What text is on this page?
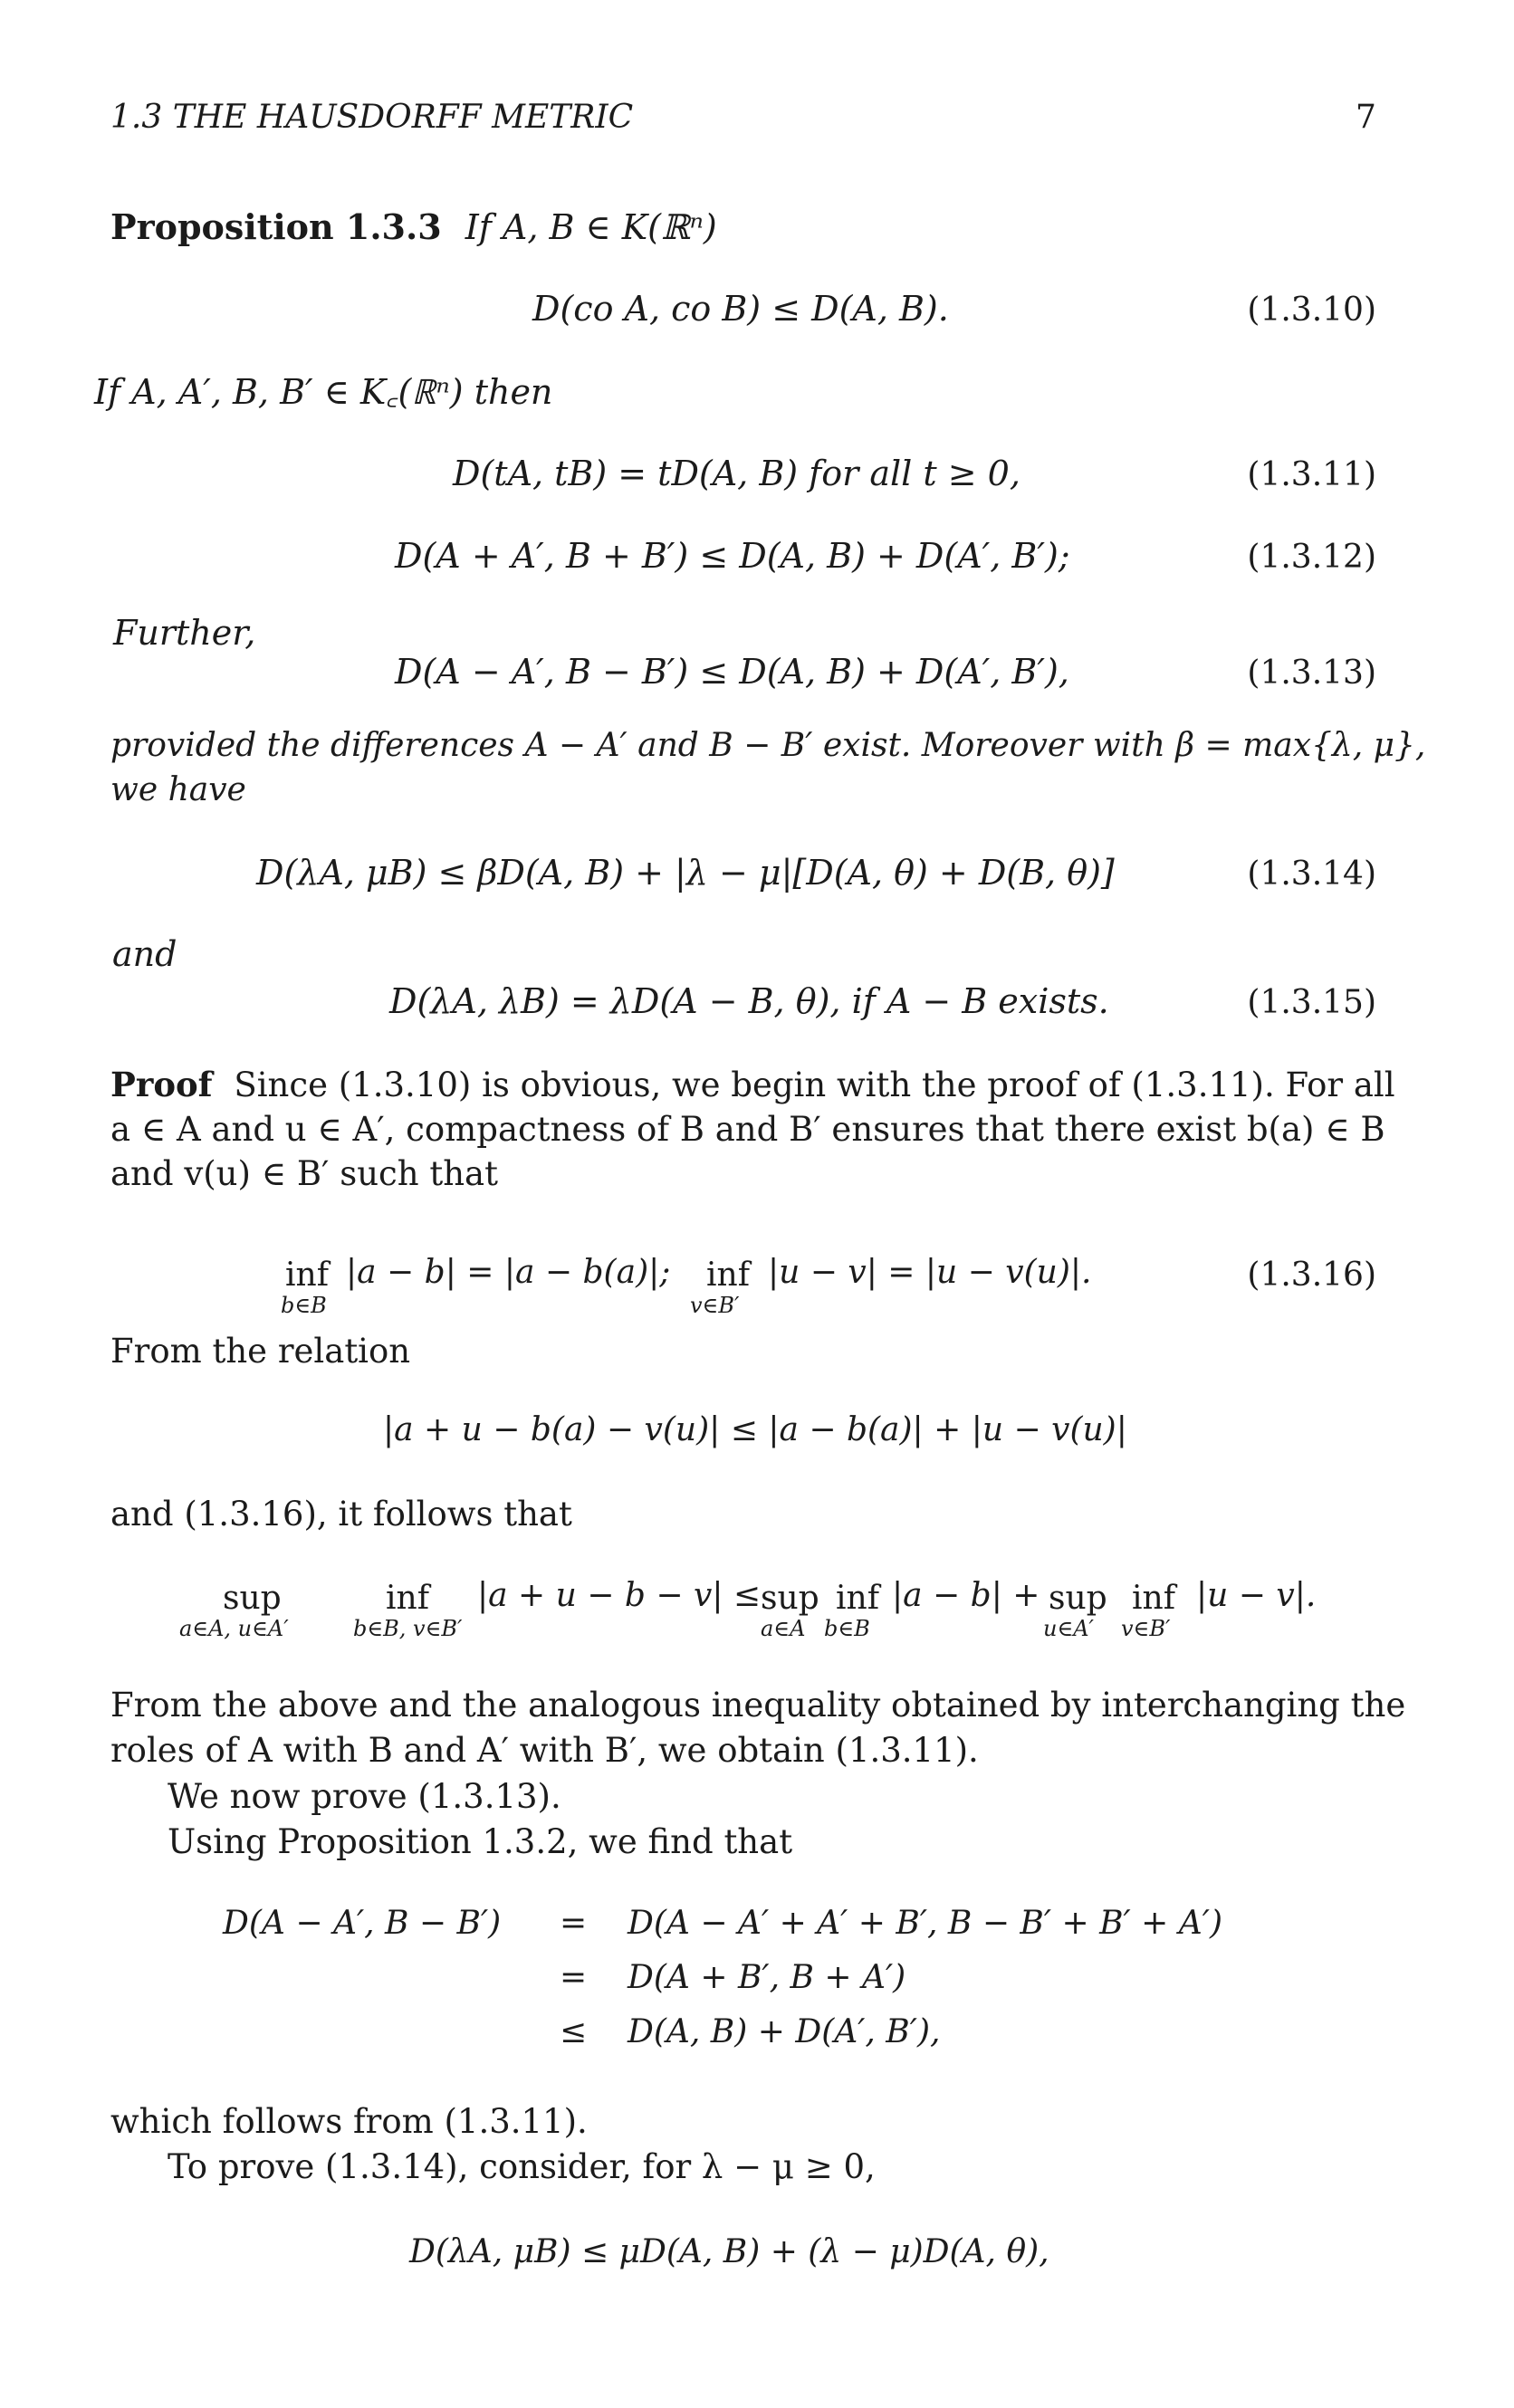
1.3 THE HAUSDORFF METRIC	7
Proposition 1.3.3 If A, B ∈ K(ℝⁿ)
D(co A, co B) ≤ D(A, B).	(1.3.10)
If A, A′, B, B′ ∈ K꜀(ℝⁿ) then
D(tA, tB) = tD(A, B) for all t ≥ 0,	(1.3.11)
D(A + A′, B + B′) ≤ D(A, B) + D(A′, B′);	(1.3.12)
Further,
D(A − A′, B − B′) ≤ D(A, B) + D(A′, B′),	(1.3.13)
provided the differences A − A′ and B − B′ exist. Moreover with β = max{λ, μ},
we have
D(λA, μB) ≤ βD(A, B) + |λ − μ|[D(A, θ) + D(B, θ)]	(1.3.14)
and
D(λA, λB) = λD(A − B, θ), if A − B exists.	(1.3.15)
Proof Since (1.3.10) is obvious, we begin with the proof of (1.3.11). For all
a ∈ A and u ∈ A′, compactness of B and B′ ensures that there exist b(a) ∈ B
and v(u) ∈ B′ such that
inf
b∈B
|a − b| = |a − b(a)|; inf
v∈B′
|u − v| = |u − v(u)|.	(1.3.16)
From the relation
|a + u − b(a) − v(u)| ≤ |a − b(a)| + |u − v(u)|
and (1.3.16), it follows that
sup
a∈A, u∈A′
inf
b∈B, v∈B′
|a + u − b − v| ≤ sup
a∈A
inf
b∈B
|a − b| + sup
u∈A′
inf
v∈B′
|u − v|.
From the above and the analogous inequality obtained by interchanging the
roles of A with B and A′ with B′, we obtain (1.3.11).
We now prove (1.3.13).
Using Proposition 1.3.2, we find that
D(A − A′, B − B′) = D(A − A′ + A′ + B′, B − B′ + B′ + A′)
= D(A + B′, B + A′)
≤ D(A, B) + D(A′, B′),
which follows from (1.3.11).
To prove (1.3.14), consider, for λ − μ ≥ 0,
D(λA, μB) ≤ μD(A, B) + (λ − μ)D(A, θ),
